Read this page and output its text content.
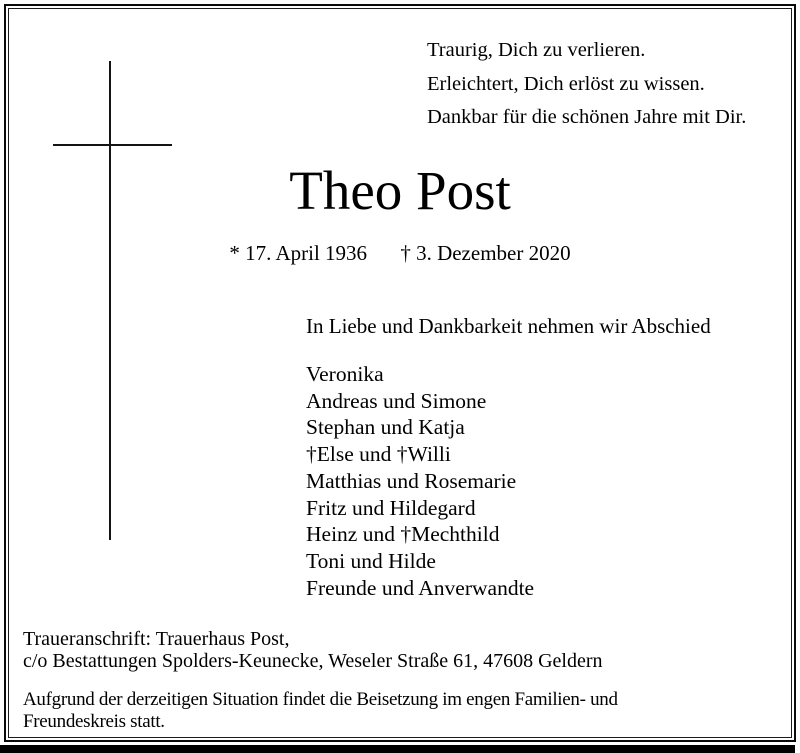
Traurig, Dich zu verlieren.
Erleichtert, Dich erlöst zu wissen.
Dankbar für die schönen Jahre mit Dir.
Theo Post
* 17. April 1936 † 3. Dezember 2020
In Liebe und Dankbarkeit nehmen wir Abschied
Veronika
Andreas und Simone
Stephan und Katja
†Else und †Willi
Matthias und Rosemarie
Fritz und Hildegard
Heinz und †Mechthild
Toni und Hilde
Freunde und Anverwandte
Traueranschrift: Trauerhaus Post,
c/o Bestattungen Spolders-Keunecke, Weseler Straße 61, 47608 Geldern
Aufgrund der derzeitigen Situation findet die Beisetzung im engen Familien- und
Freundeskreis statt.
